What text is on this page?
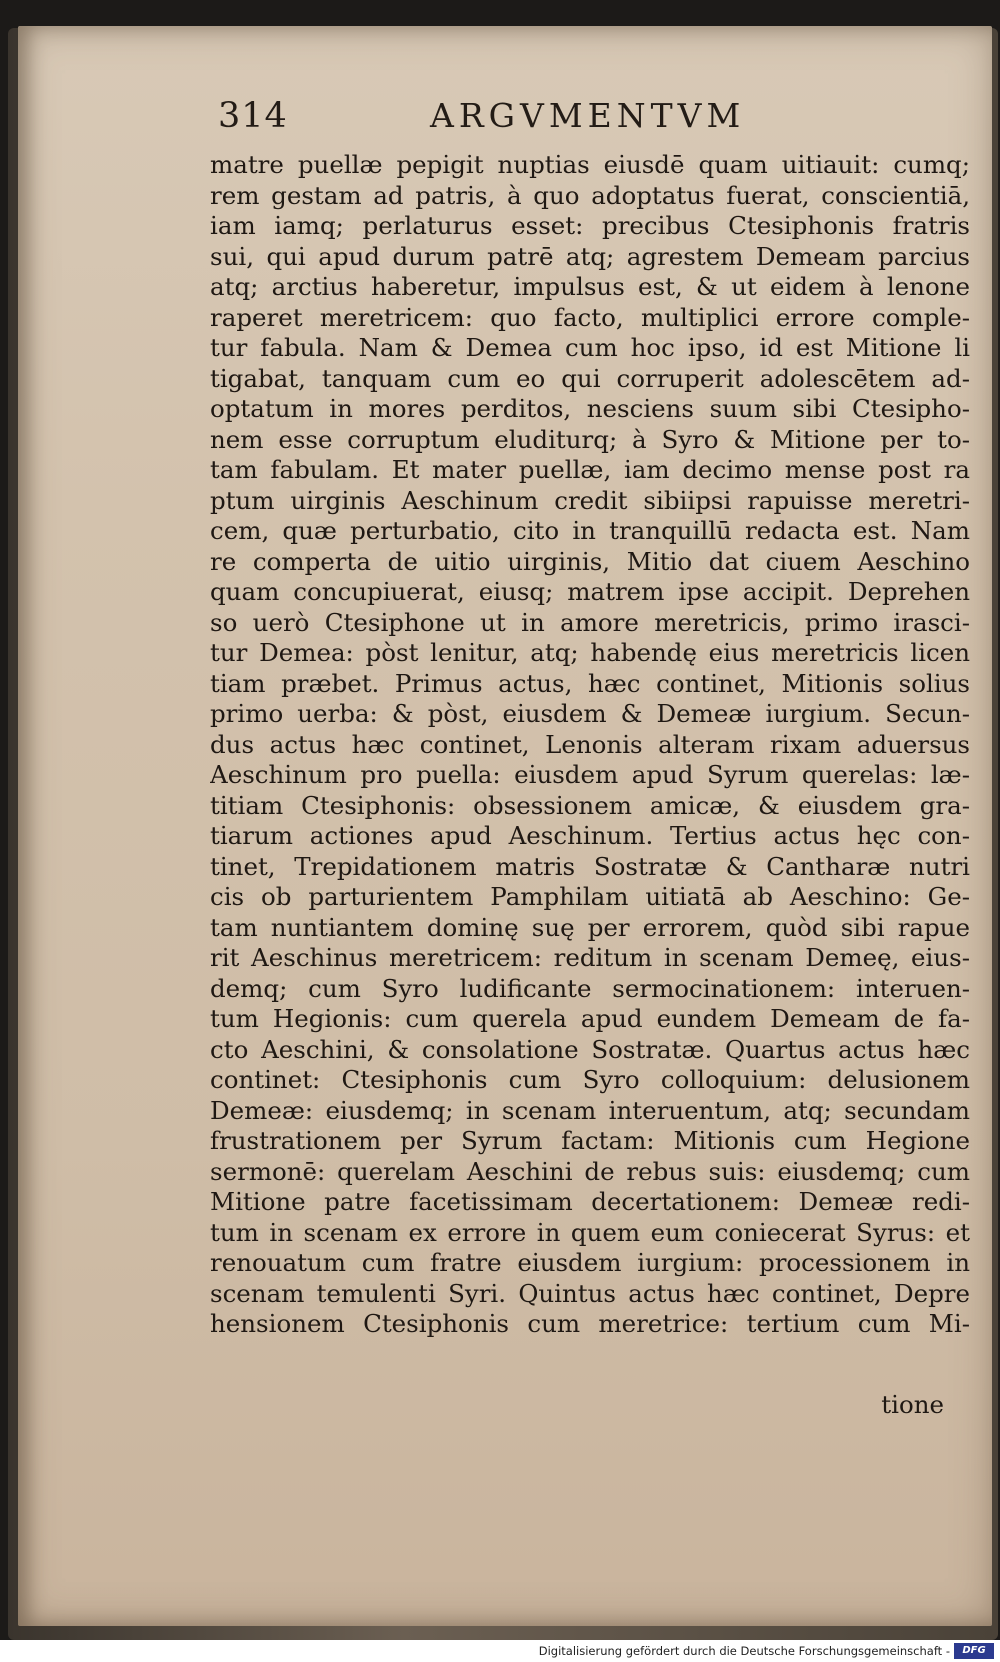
314	ARGVMENTVM
matre puellæ pepigit nuptias eiusdē quam uitiauit: cumq;
rem gestam ad patris, à quo adoptatus fuerat, conscientiā,
iam iamq; perlaturus esset: precibus Ctesiphonis fratris
sui, qui apud durum patrē atq; agrestem Demeam parcius
atq; arctius haberetur, impulsus est, & ut eidem à lenone
raperet meretricem: quo facto, multiplici errore comple-
tur fabula. Nam & Demea cum hoc ipso, id est Mitione li
tigabat, tanquam cum eo qui corruperit adolescētem ad-
optatum in mores perditos, nesciens suum sibi Ctesipho-
nem esse corruptum eluditurq; à Syro & Mitione per to-
tam fabulam. Et mater puellæ, iam decimo mense post ra
ptum uirginis Aeschinum credit sibiipsi rapuisse meretri-
cem, quæ perturbatio, cito in tranquillū redacta est. Nam
re comperta de uitio uirginis, Mitio dat ciuem Aeschino
quam concupiuerat, eiusq; matrem ipse accipit. Deprehen
so uerò Ctesiphone ut in amore meretricis, primo irasci-
tur Demea: pòst lenitur, atq; habendę eius meretricis licen
tiam præbet. Primus actus, hæc continet, Mitionis solius
primo uerba: & pòst, eiusdem & Demeæ iurgium. Secun-
dus actus hæc continet, Lenonis alteram rixam aduersus
Aeschinum pro puella: eiusdem apud Syrum querelas: læ-
titiam Ctesiphonis: obsessionem amicæ, & eiusdem gra-
tiarum actiones apud Aeschinum. Tertius actus hęc con-
tinet, Trepidationem matris Sostratæ & Cantharæ nutri
cis ob parturientem Pamphilam uitiatā ab Aeschino: Ge-
tam nuntiantem dominę suę per errorem, quòd sibi rapue
rit Aeschinus meretricem: reditum in scenam Demeę, eius-
demq; cum Syro ludificante sermocinationem: interuen-
tum Hegionis: cum querela apud eundem Demeam de fa-
cto Aeschini, & consolatione Sostratæ. Quartus actus hæc
continet: Ctesiphonis cum Syro colloquium: delusionem
Demeæ: eiusdemq; in scenam interuentum, atq; secundam
frustrationem per Syrum factam: Mitionis cum Hegione
sermonē: querelam Aeschini de rebus suis: eiusdemq; cum
Mitione patre facetissimam decertationem: Demeæ redi-
tum in scenam ex errore in quem eum coniecerat Syrus: et
renouatum cum fratre eiusdem iurgium: processionem in
scenam temulenti Syri. Quintus actus hæc continet, Depre
hensionem Ctesiphonis cum meretrice: tertium cum Mi-
tione
Digitalisierung gefördert durch die Deutsche Forschungsgemeinschaft -	DFG
